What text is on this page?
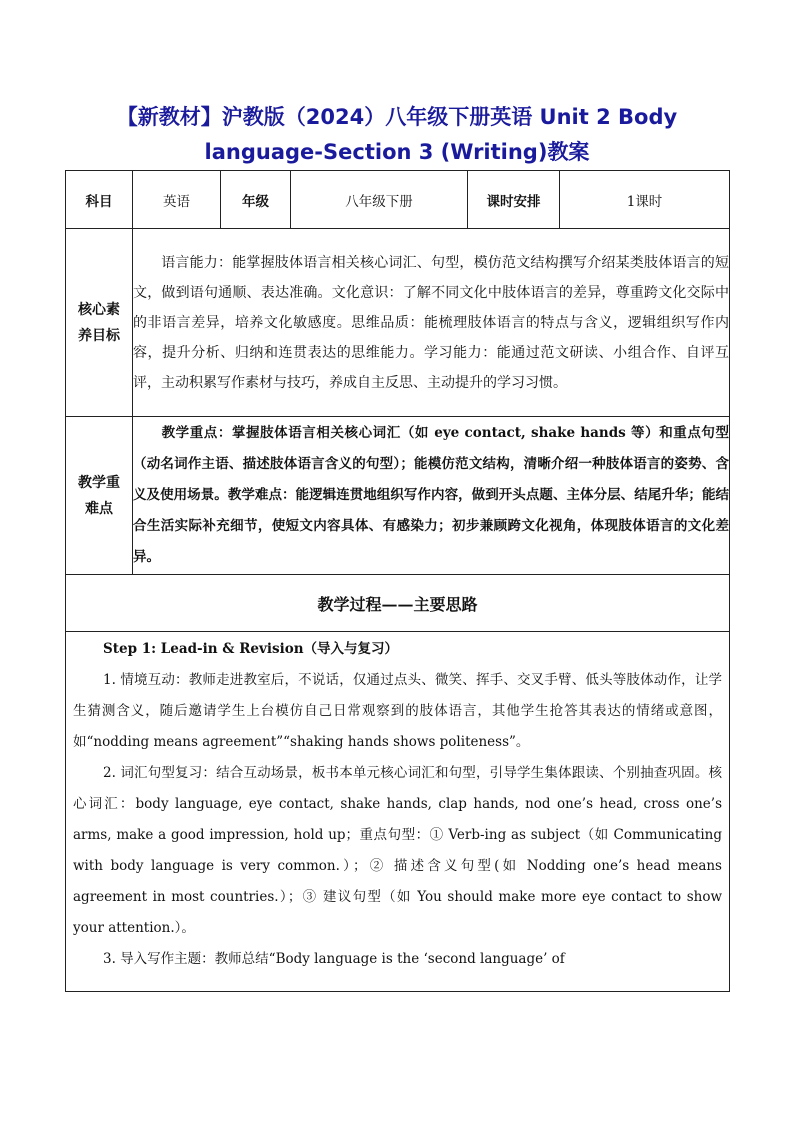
【新教材】沪教版（2024）八年级下册英语 Unit 2 Body
language-Section 3 (Writing)教案
科目	英语	年级	八年级下册	课时安排	1课时

核心素
养目标	语言能力：能掌握肢体语言相关核心词汇、句型，模仿范文结构撰写介绍某类肢体语言的短文，做到语句通顺、表达准确。文化意识：了解不同文化中肢体语言的差异，尊重跨文化交际中的非语言差异，培养文化敏感度。思维品质：能梳理肢体语言的特点与含义，逻辑组织写作内容，提升分析、归纳和连贯表达的思维能力。学习能力：能通过范文研读、小组合作、自评互评，主动积累写作素材与技巧，养成自主反思、主动提升的学习习惯。				

教学重
难点	教学重点：掌握肢体语言相关核心词汇（如 eye contact, shake hands 等）和重点句型（动名词作主语、描述肢体语言含义的句型）；能模仿范文结构，清晰介绍一种肢体语言的姿势、含义及使用场景。教学难点：能逻辑连贯地组织写作内容，做到开头点题、主体分层、结尾升华；能结合生活实际补充细节，使短文内容具体、有感染力；初步兼顾跨文化视角，体现肢体语言的文化差异。				
教学过程——主要思路					

Step 1: Lead-in & Revision（导入与复习）

1. 情境互动：教师走进教室后，不说话，仅通过点头、微笑、挥手、交叉手臂、低头等肢体动作，让学生猜测含义，随后邀请学生上台模仿自己日常观察到的肢体语言，其他学生抢答其表达的情绪或意图，如“nodding means agreement”“shaking hands shows politeness”。

2. 词汇句型复习：结合互动场景，板书本单元核心词汇和句型，引导学生集体跟读、个别抽查巩固。核心词汇：body language, eye contact, shake hands, clap hands, nod one’s head, cross one’s arms, make a good impression, hold up；重点句型：① Verb-ing as subject（如 Communicating with body language is very common.）；② 描述含义句型(如 Nodding one’s head means agreement in most countries.）；③ 建议句型（如 You should make more eye contact to show your attention.）。

3. 导入写作主题：教师总结“Body language is the ‘second language’ of					
